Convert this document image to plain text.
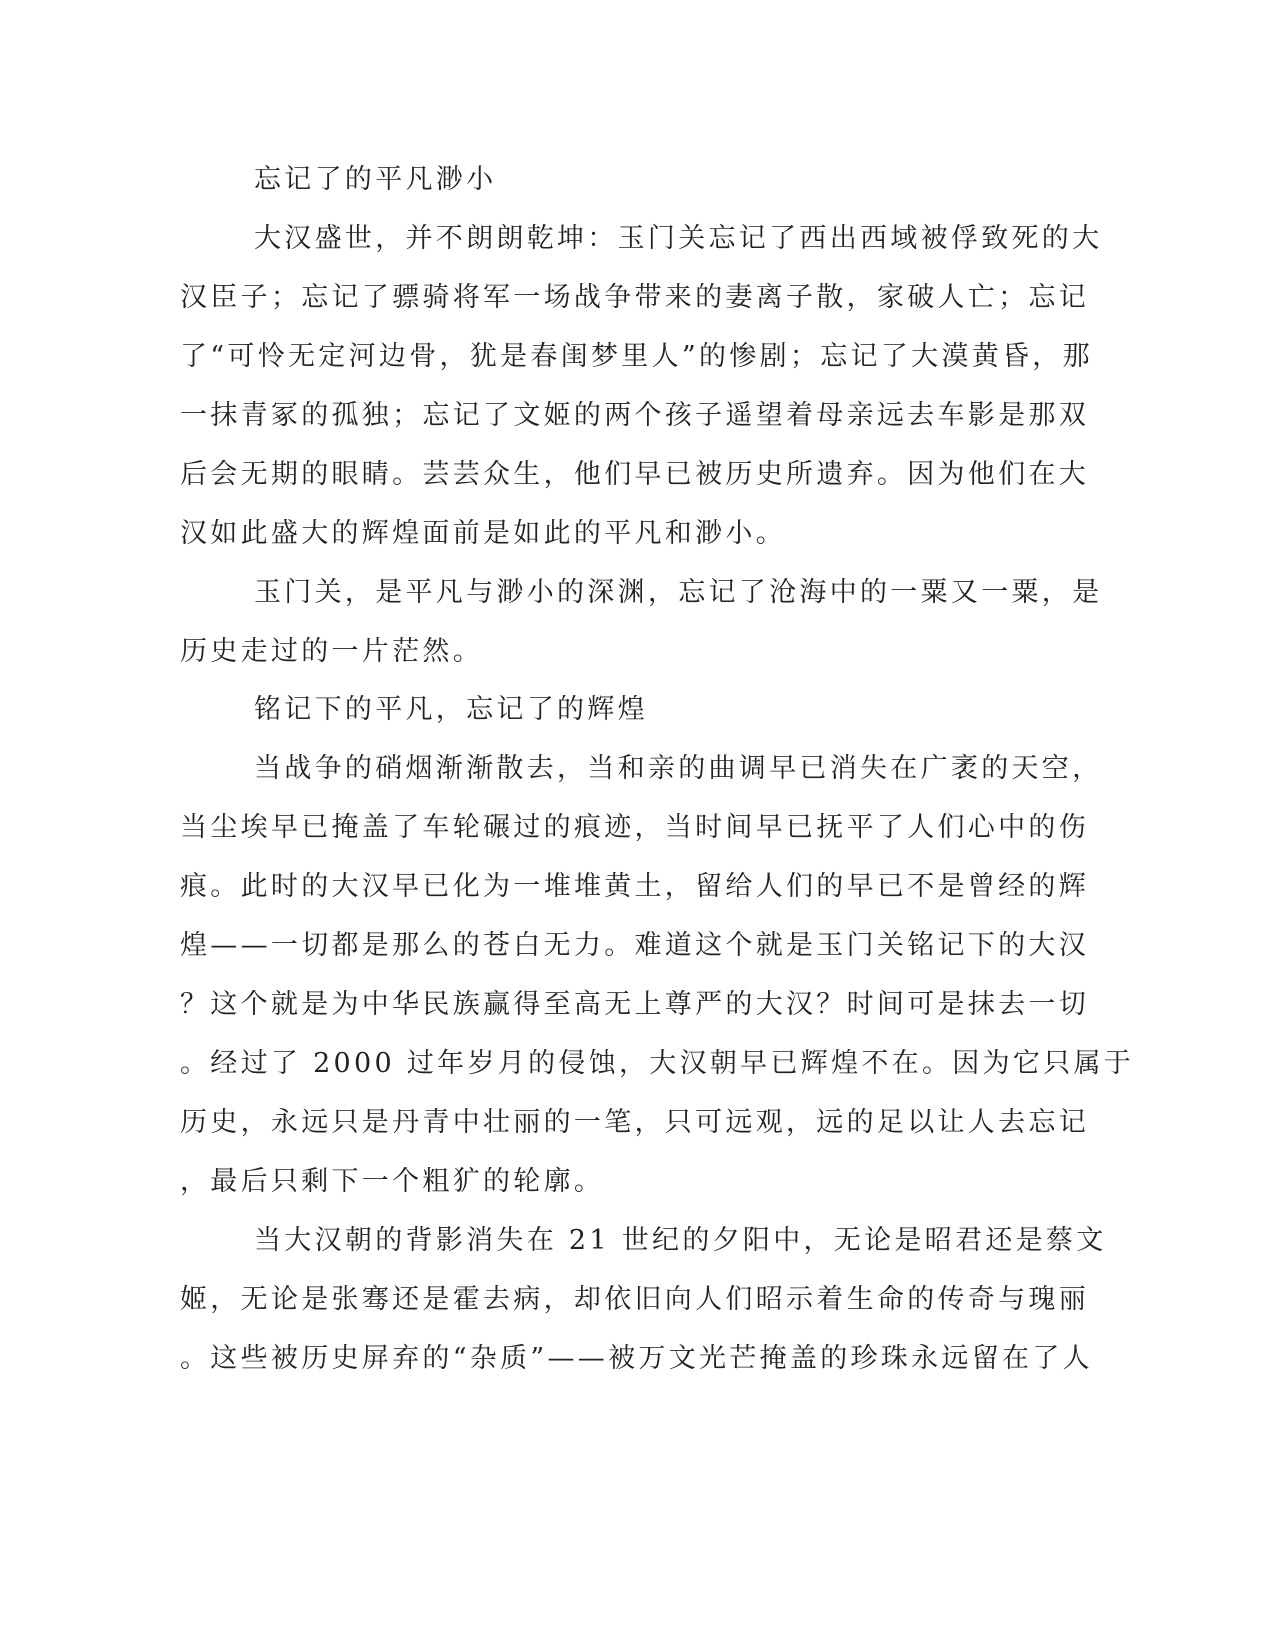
忘记了的平凡渺小
大汉盛世，并不朗朗乾坤：玉门关忘记了西出西域被俘致死的大
汉臣子；忘记了骠骑将军一场战争带来的妻离子散，家破人亡；忘记
了“可怜无定河边骨，犹是春闺梦里人”的惨剧；忘记了大漠黄昏，那
一抹青冢的孤独；忘记了文姬的两个孩子遥望着母亲远去车影是那双
后会无期的眼睛。芸芸众生，他们早已被历史所遗弃。因为他们在大
汉如此盛大的辉煌面前是如此的平凡和渺小。
玉门关，是平凡与渺小的深渊，忘记了沧海中的一粟又一粟，是
历史走过的一片茫然。
铭记下的平凡，忘记了的辉煌
当战争的硝烟渐渐散去，当和亲的曲调早已消失在广袤的天空，
当尘埃早已掩盖了车轮碾过的痕迹，当时间早已抚平了人们心中的伤
痕。此时的大汉早已化为一堆堆黄土，留给人们的早已不是曾经的辉
煌——一切都是那么的苍白无力。难道这个就是玉门关铭记下的大汉
？这个就是为中华民族赢得至高无上尊严的大汉？时间可是抹去一切
。经过了 2000 过年岁月的侵蚀，大汉朝早已辉煌不在。因为它只属于
历史，永远只是丹青中壮丽的一笔，只可远观，远的足以让人去忘记
，最后只剩下一个粗犷的轮廓。
当大汉朝的背影消失在 21 世纪的夕阳中，无论是昭君还是蔡文
姬，无论是张骞还是霍去病，却依旧向人们昭示着生命的传奇与瑰丽
。这些被历史屏弃的“杂质”——被万文光芒掩盖的珍珠永远留在了人
